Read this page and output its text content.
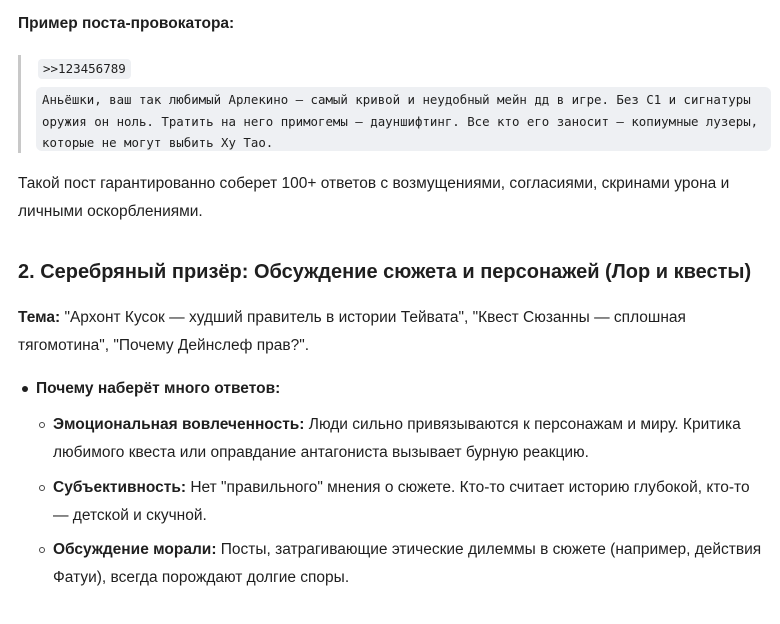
Пример поста-провокатора:
>>123456789
Аньёшки, ваш так любимый Арлекино — самый кривой и неудобный мейн дд в игре. Без С1 и сигнатуры оружия он ноль. Тратить на него примогемы — дауншифтинг. Все кто его заносит — копиумные лузеры, которые не могут выбить Ху Тао.
Такой пост гарантированно соберет 100+ ответов с возмущениями, согласиями, скринами урона и личными оскорблениями.
2. Серебряный призёр: Обсуждение сюжета и персонажей (Лор и квесты)
Тема: "Архонт Кусок — худший правитель в истории Тейвата", "Квест Сюзанны — сплошная тягомотина", "Почему Дейнслеф прав?".
Почему наберёт много ответов:
Эмоциональная вовлеченность: Люди сильно привязываются к персонажам и миру. Критика любимого квеста или оправдание антагониста вызывает бурную реакцию.
Субъективность: Нет "правильного" мнения о сюжете. Кто-то считает историю глубокой, кто-то — детской и скучной.
Обсуждение морали: Посты, затрагивающие этические дилеммы в сюжете (например, действия Фатуи), всегда порождают долгие споры.
